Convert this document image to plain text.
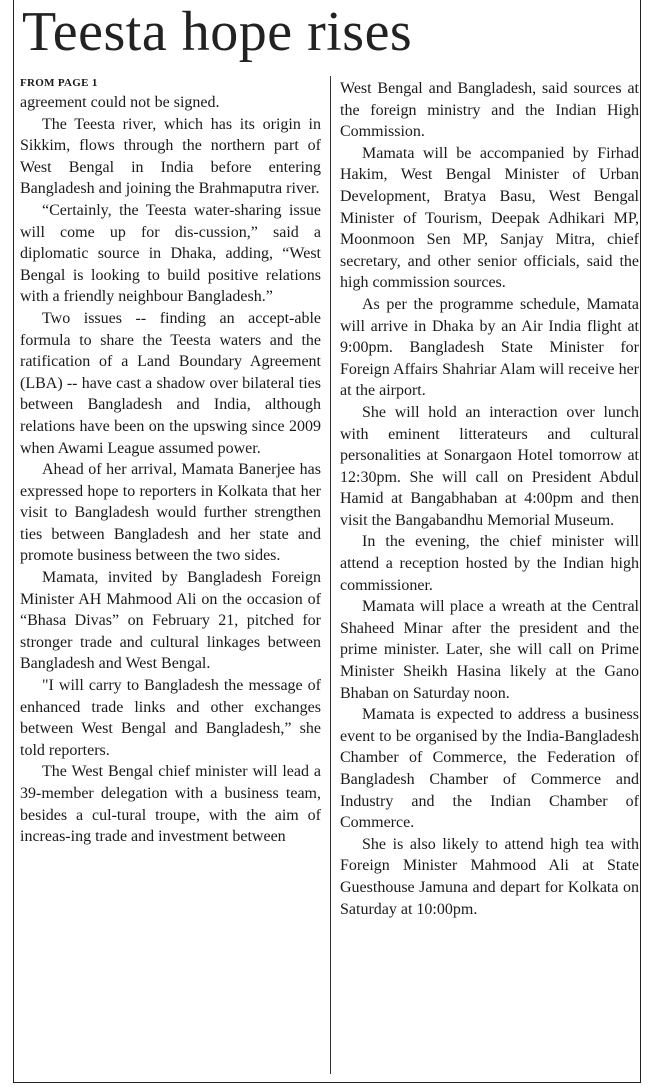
Teesta hope rises
FROM PAGE 1

agreement could not be signed.

The Teesta river, which has its origin in Sikkim, flows through the northern part of West Bengal in India before entering Bangladesh and joining the Brahmaputra river.

“Certainly, the Teesta water-sharing issue will come up for dis-cussion,” said a diplomatic source in Dhaka, adding, “West Bengal is looking to build positive relations with a friendly neighbour Bangladesh.”

Two issues -- finding an accept-able formula to share the Teesta waters and the ratification of a Land Boundary Agreement (LBA) -- have cast a shadow over bilateral ties between Bangladesh and India, although relations have been on the upswing since 2009 when Awami League assumed power.

Ahead of her arrival, Mamata Banerjee has expressed hope to reporters in Kolkata that her visit to Bangladesh would further strengthen ties between Bangladesh and her state and promote business between the two sides.

Mamata, invited by Bangladesh Foreign Minister AH Mahmood Ali on the occasion of “Bhasa Divas” on February 21, pitched for stronger trade and cultural linkages between Bangladesh and West Bengal.

"I will carry to Bangladesh the message of enhanced trade links and other exchanges between West Bengal and Bangladesh,” she told reporters.

The West Bengal chief minister will lead a 39-member delegation with a business team, besides a cul-tural troupe, with the aim of increas-ing trade and investment between

West Bengal and Bangladesh, said sources at the foreign ministry and the Indian High Commission.

Mamata will be accompanied by Firhad Hakim, West Bengal Minister of Urban Development, Bratya Basu, West Bengal Minister of Tourism, Deepak Adhikari MP, Moonmoon Sen MP, Sanjay Mitra, chief secretary, and other senior officials, said the high commission sources.

As per the programme schedule, Mamata will arrive in Dhaka by an Air India flight at 9:00pm. Bangladesh State Minister for Foreign Affairs Shahriar Alam will receive her at the airport.

She will hold an interaction over lunch with eminent litterateurs and cultural personalities at Sonargaon Hotel tomorrow at 12:30pm. She will call on President Abdul Hamid at Bangabhaban at 4:00pm and then visit the Bangabandhu Memorial Museum.

In the evening, the chief minister will attend a reception hosted by the Indian high commissioner.

Mamata will place a wreath at the Central Shaheed Minar after the president and the prime minister. Later, she will call on Prime Minister Sheikh Hasina likely at the Gano Bhaban on Saturday noon.

Mamata is expected to address a business event to be organised by the India-Bangladesh Chamber of Commerce, the Federation of Bangladesh Chamber of Commerce and Industry and the Indian Chamber of Commerce.

She is also likely to attend high tea with Foreign Minister Mahmood Ali at State Guesthouse Jamuna and depart for Kolkata on Saturday at 10:00pm.
